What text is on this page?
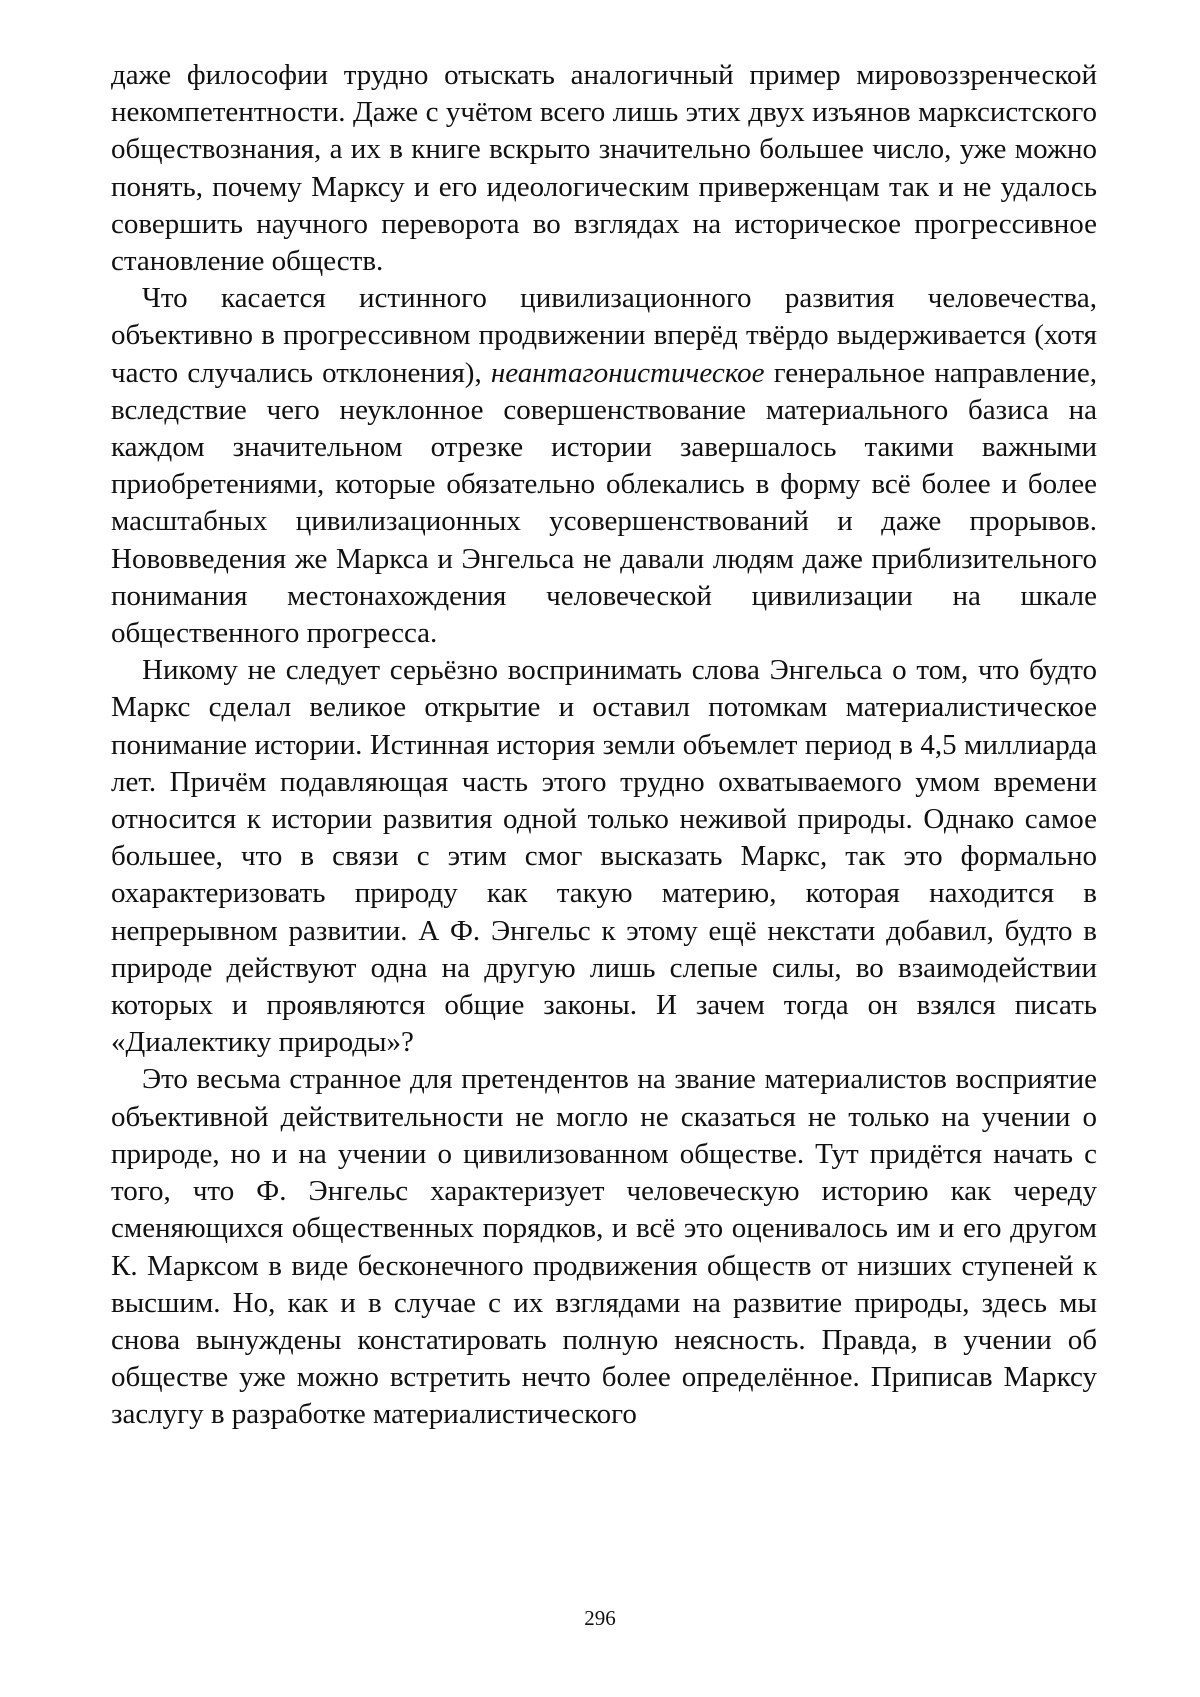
даже философии трудно отыскать аналогичный пример мировоззренческой некомпетентности. Даже с учётом всего лишь этих двух изъянов марксистского обществознания, а их в книге вскрыто значительно большее число, уже можно понять, почему Марксу и его идеологическим приверженцам так и не удалось совершить научного переворота во взглядах на историческое прогрессивное становление обществ.

Что касается истинного цивилизационного развития человечества, объективно в прогрессивном продвижении вперёд твёрдо выдерживается (хотя часто случались отклонения), неантагонистическое генеральное направление, вследствие чего неуклонное совершенствование материального базиса на каждом значительном отрезке истории завершалось такими важными приобретениями, которые обязательно облекались в форму всё более и более масштабных цивилизационных усовершенствований и даже прорывов. Нововведения же Маркса и Энгельса не давали людям даже приблизительного понимания местонахождения человеческой цивилизации на шкале общественного прогресса.

Никому не следует серьёзно воспринимать слова Энгельса о том, что будто Маркс сделал великое открытие и оставил потомкам материалистическое понимание истории. Истинная история земли объемлет период в 4,5 миллиарда лет. Причём подавляющая часть этого трудно охватываемого умом времени относится к истории развития одной только неживой природы. Однако самое большее, что в связи с этим смог высказать Маркс, так это формально охарактеризовать природу как такую материю, которая находится в непрерывном развитии. А Ф. Энгельс к этому ещё некстати добавил, будто в природе действуют одна на другую лишь слепые силы, во взаимодействии которых и проявляются общие законы. И зачем тогда он взялся писать «Диалектику природы»?

Это весьма странное для претендентов на звание материалистов восприятие объективной действительности не могло не сказаться не только на учении о природе, но и на учении о цивилизованном обществе. Тут придётся начать с того, что Ф. Энгельс характеризует человеческую историю как череду сменяющихся общественных порядков, и всё это оценивалось им и его другом К. Марксом в виде бесконечного продвижения обществ от низших ступеней к высшим. Но, как и в случае с их взглядами на развитие природы, здесь мы снова вынуждены констатировать полную неясность. Правда, в учении об обществе уже можно встретить нечто более определённое. Приписав Марксу заслугу в разработке материалистического

296
